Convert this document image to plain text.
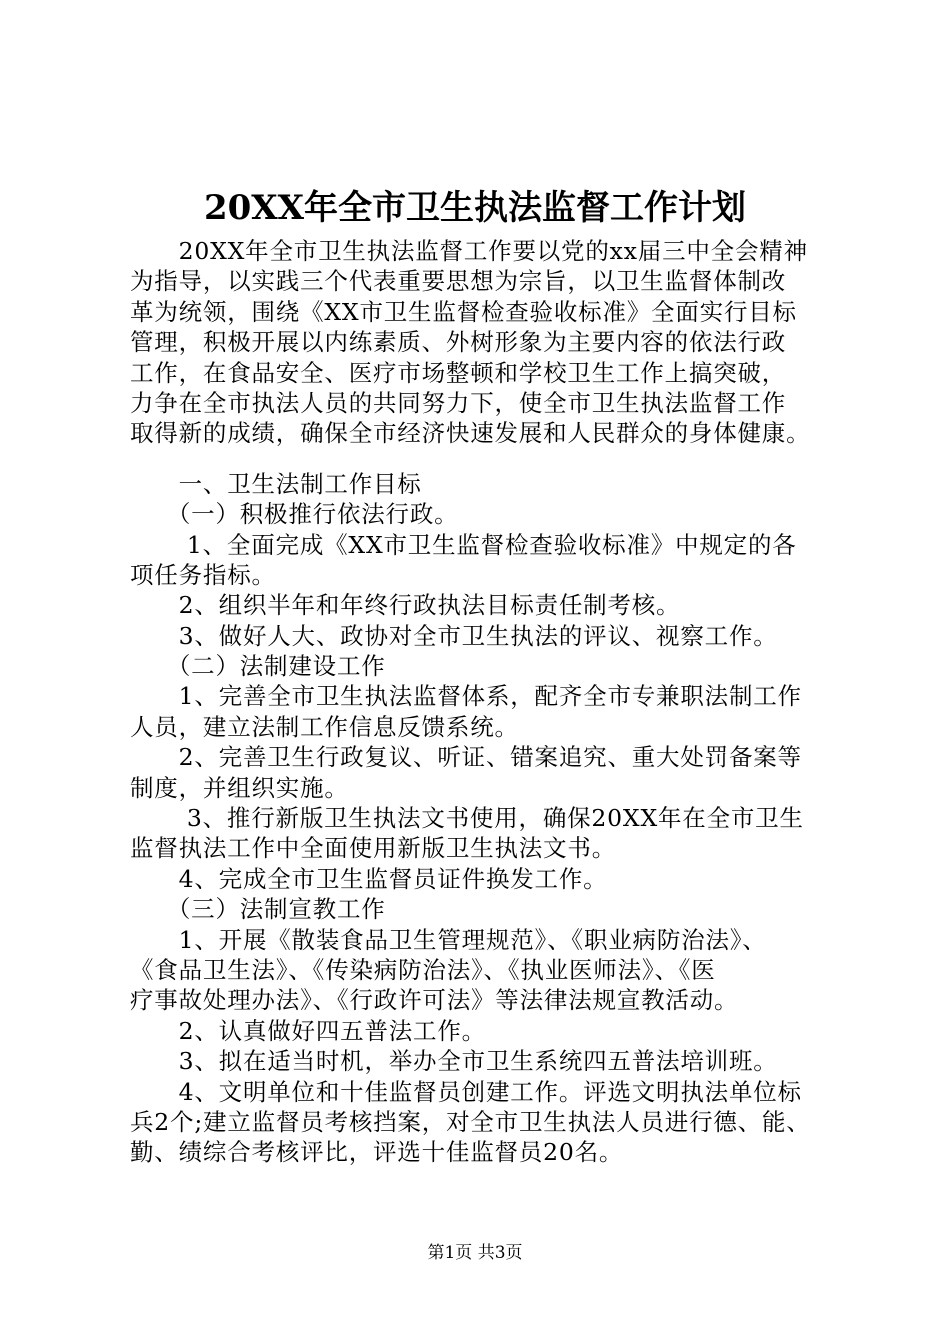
20XX年全市卫生执法监督工作计划
　　20XX年全市卫生执法监督工作要以党的xx届三中全会精神
为指导，以实践三个代表重要思想为宗旨，以卫生监督体制改
革为统领，围绕《XX市卫生监督检查验收标准》全面实行目标
管理，积极开展以内练素质、外树形象为主要内容的依法行政
工作，在食品安全、医疗市场整顿和学校卫生工作上搞突破，
力争在全市执法人员的共同努力下，使全市卫生执法监督工作
取得新的成绩，确保全市经济快速发展和人民群众的身体健康。
　　一、卫生法制工作目标
　　（一）积极推行依法行政。
　　 1、全面完成《XX市卫生监督检查验收标准》中规定的各
项任务指标。
　　2、组织半年和年终行政执法目标责任制考核。
　　3、做好人大、政协对全市卫生执法的评议、视察工作。
　　（二）法制建设工作
　　1、完善全市卫生执法监督体系，配齐全市专兼职法制工作
人员，建立法制工作信息反馈系统。
　　2、完善卫生行政复议、听证、错案追究、重大处罚备案等
制度，并组织实施。
　　 3、推行新版卫生执法文书使用，确保20XX年在全市卫生
监督执法工作中全面使用新版卫生执法文书。
　　4、完成全市卫生监督员证件换发工作。
　　（三）法制宣教工作
　　1、开展《散装食品卫生管理规范》、《职业病防治法》、
《食品卫生法》、《传染病防治法》、《执业医师法》、《医
疗事故处理办法》、《行政许可法》等法律法规宣教活动。
　　2、认真做好四五普法工作。
　　3、拟在适当时机，举办全市卫生系统四五普法培训班。
　　4、文明单位和十佳监督员创建工作。评选文明执法单位标
兵2个;建立监督员考核挡案，对全市卫生执法人员进行德、能、
勤、绩综合考核评比，评选十佳监督员20名。
第1页 共3页
